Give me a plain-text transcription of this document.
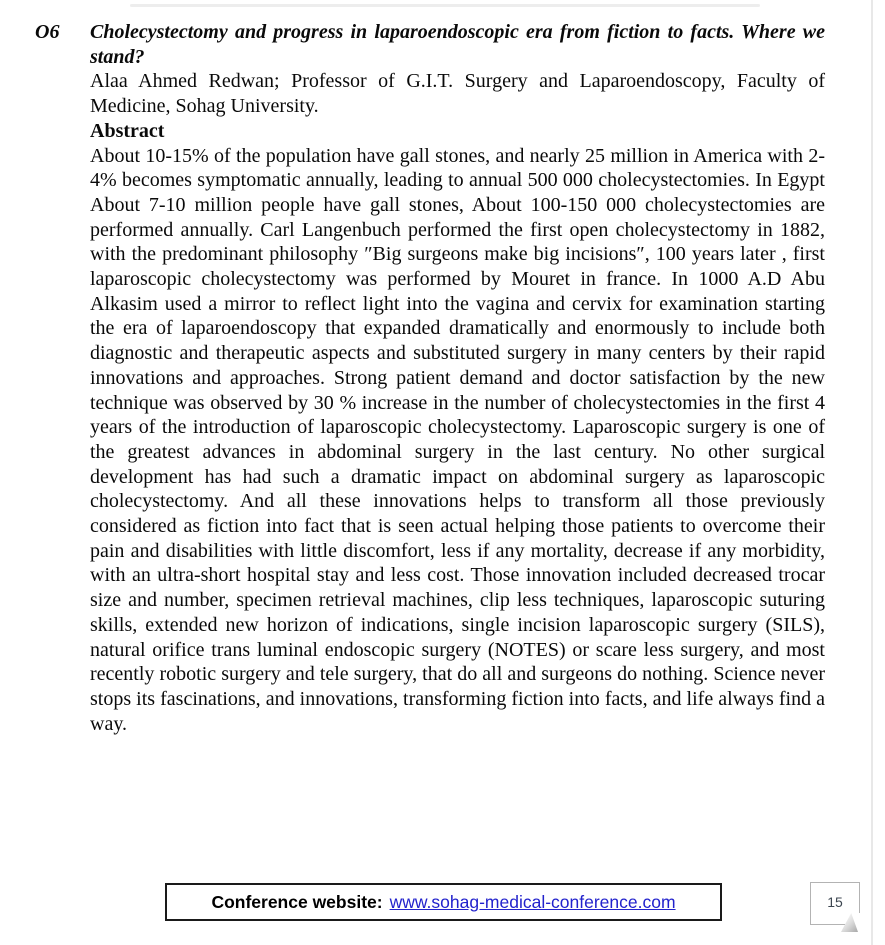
O6	Cholecystectomy and progress in laparoendoscopic era from fiction to facts. Where we stand?

Alaa Ahmed Redwan; Professor of G.I.T. Surgery and Laparoendoscopy, Faculty of Medicine, Sohag University.

Abstract

About 10-15% of the population have gall stones, and nearly 25 million in America with 2-4% becomes symptomatic annually, leading to annual 500 000 cholecystectomies. In Egypt About 7-10 million people have gall stones, About 100-150 000 cholecystectomies are performed annually. Carl Langenbuch performed the first open cholecystectomy in 1882, with the predominant philosophy ″Big surgeons make big incisions″, 100 years later , first laparoscopic cholecystectomy was performed by Mouret in france. In 1000 A.D Abu Alkasim used a mirror to reflect light into the vagina and cervix for examination starting the era of laparoendoscopy that expanded dramatically and enormously to include both diagnostic and therapeutic aspects and substituted surgery in many centers by their rapid innovations and approaches. Strong patient demand and doctor satisfaction by the new technique was observed by 30 % increase in the number of cholecystectomies in the first 4 years of the introduction of laparoscopic cholecystectomy. Laparoscopic surgery is one of the greatest advances in abdominal surgery in the last century. No other surgical development has had such a dramatic impact on abdominal surgery as laparoscopic cholecystectomy. And all these innovations helps to transform all those previously considered as fiction into fact that is seen actual helping those patients to overcome their pain and disabilities with little discomfort, less if any mortality, decrease if any morbidity, with an ultra-short hospital stay and less cost. Those innovation included decreased trocar size and number, specimen retrieval machines, clip less techniques, laparoscopic suturing skills, extended new horizon of indications, single incision laparoscopic surgery (SILS), natural orifice trans luminal endoscopic surgery (NOTES) or scare less surgery, and most recently robotic surgery and tele surgery, that do all and surgeons do nothing. Science never stops its fascinations, and innovations, transforming fiction into facts, and life always find a way.

Conference website: www.sohag-medical-conference.com	15
